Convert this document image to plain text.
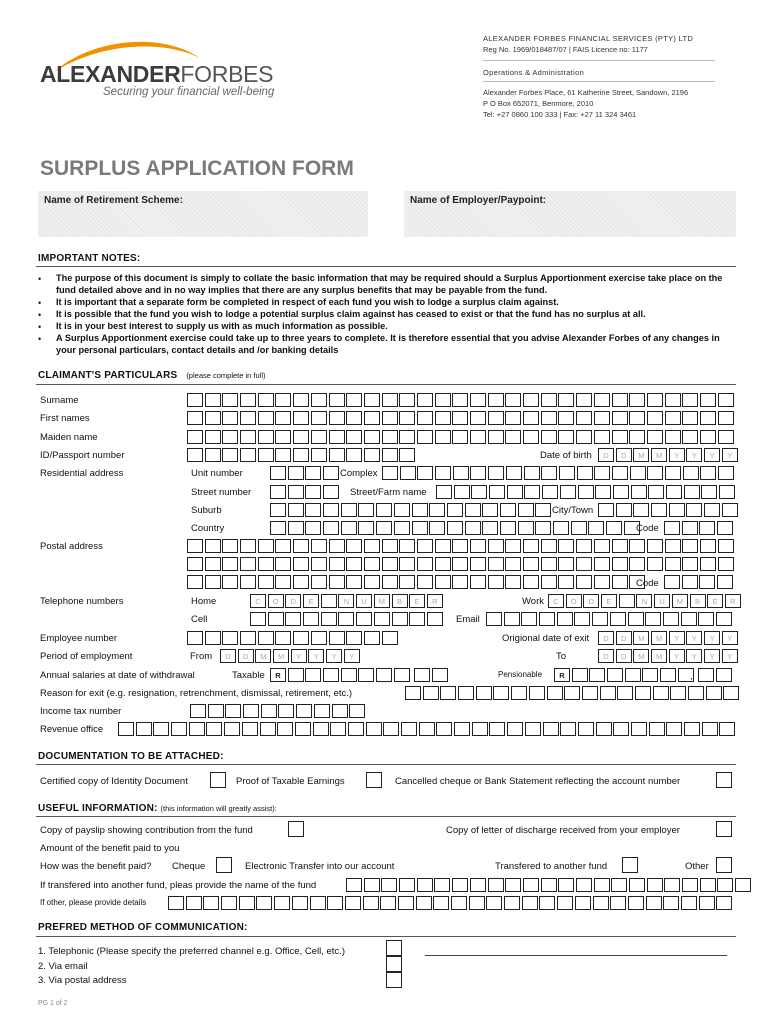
ALEXANDERFORBES
Securing your financial well-being
ALEXANDER FORBES FINANCIAL SERVICES (PTY) LTD
Reg No. 1969/018487/07 | FAIS Licence no: 1177
Operations & Administration
Alexander Forbes Place, 61 Katherine Street, Sandown, 2196
P O Box 652071, Benmore, 2010
Tel: +27 0860 100 333 | Fax: +27 11 324 3461
SURPLUS APPLICATION FORM
Name of Retirement Scheme:	Name of Employer/Paypoint:
IMPORTANT NOTES:
• The purpose of this document is simply to collate the basic information that may be required should a Surplus Apportionment exercise take place on the fund detailed above and in no way implies that there are any surplus benefits that may be payable from the fund.
• It is important that a separate form be completed in respect of each fund you wish to lodge a surplus claim against.
• It is possible that the fund you wish to lodge a potential surplus claim against has ceased to exist or that the fund has no surplus at all.
• It is in your best interest to supply us with as much information as possible.
• A Surplus Apportionment exercise could take up to three years to complete. It is therefore essential that you advise Alexander Forbes of any changes in your personal particulars, contact details and /or banking details
CLAIMANT'S PARTICULARS (please complete in full)
Surname
First names
Maiden name
ID/Passport number	Date of birth	D	D	M	M	Y	Y	Y	Y
Residential address	Unit number	Complex
Street number	Street/Farm name
Suburb	City/Town
Country	Code
Postal address
Code
Telephone numbers	Home	C	O	D	E	N	U	M	B	E	R	Work	C	O	D	E	N	U	M	B	E	R
Cell	Email
Employee number	Origional date of exit	D	D	M	M	Y	Y	Y	Y
Period of employment	From	D	D	M	M	Y	Y	Y	Y	To	D	D	M	M	Y	Y	Y	Y
Annual salaries at date of withdrawal	Taxable	R	,	Pensionable	R	,
Reason for exit (e.g. resignation, retrenchment, dismissal, retirement, etc.)
Income tax number
Revenue office
DOCUMENTATION TO BE ATTACHED:
Certified copy of Identity Document	Proof of Taxable Earnings	Cancelled cheque or Bank Statement reflecting the account number
USEFUL INFORMATION: (this information will greatly assist):
Copy of payslip showing contribution from the fund	Copy of letter of discharge received from your employer
Amount of the benefit paid to you
How was the benefit paid? Cheque	Electronic Transfer into our account	Transfered to another fund	Other
If transfered into another fund, pleas provide the name of the fund
If other, please provide details
PREFRED METHOD OF COMMUNICATION:
1. Telephonic (Please specify the preferred channel e.g. Office, Cell, etc.)
2. Via email
3. Via postal address
PG 1 of 2
